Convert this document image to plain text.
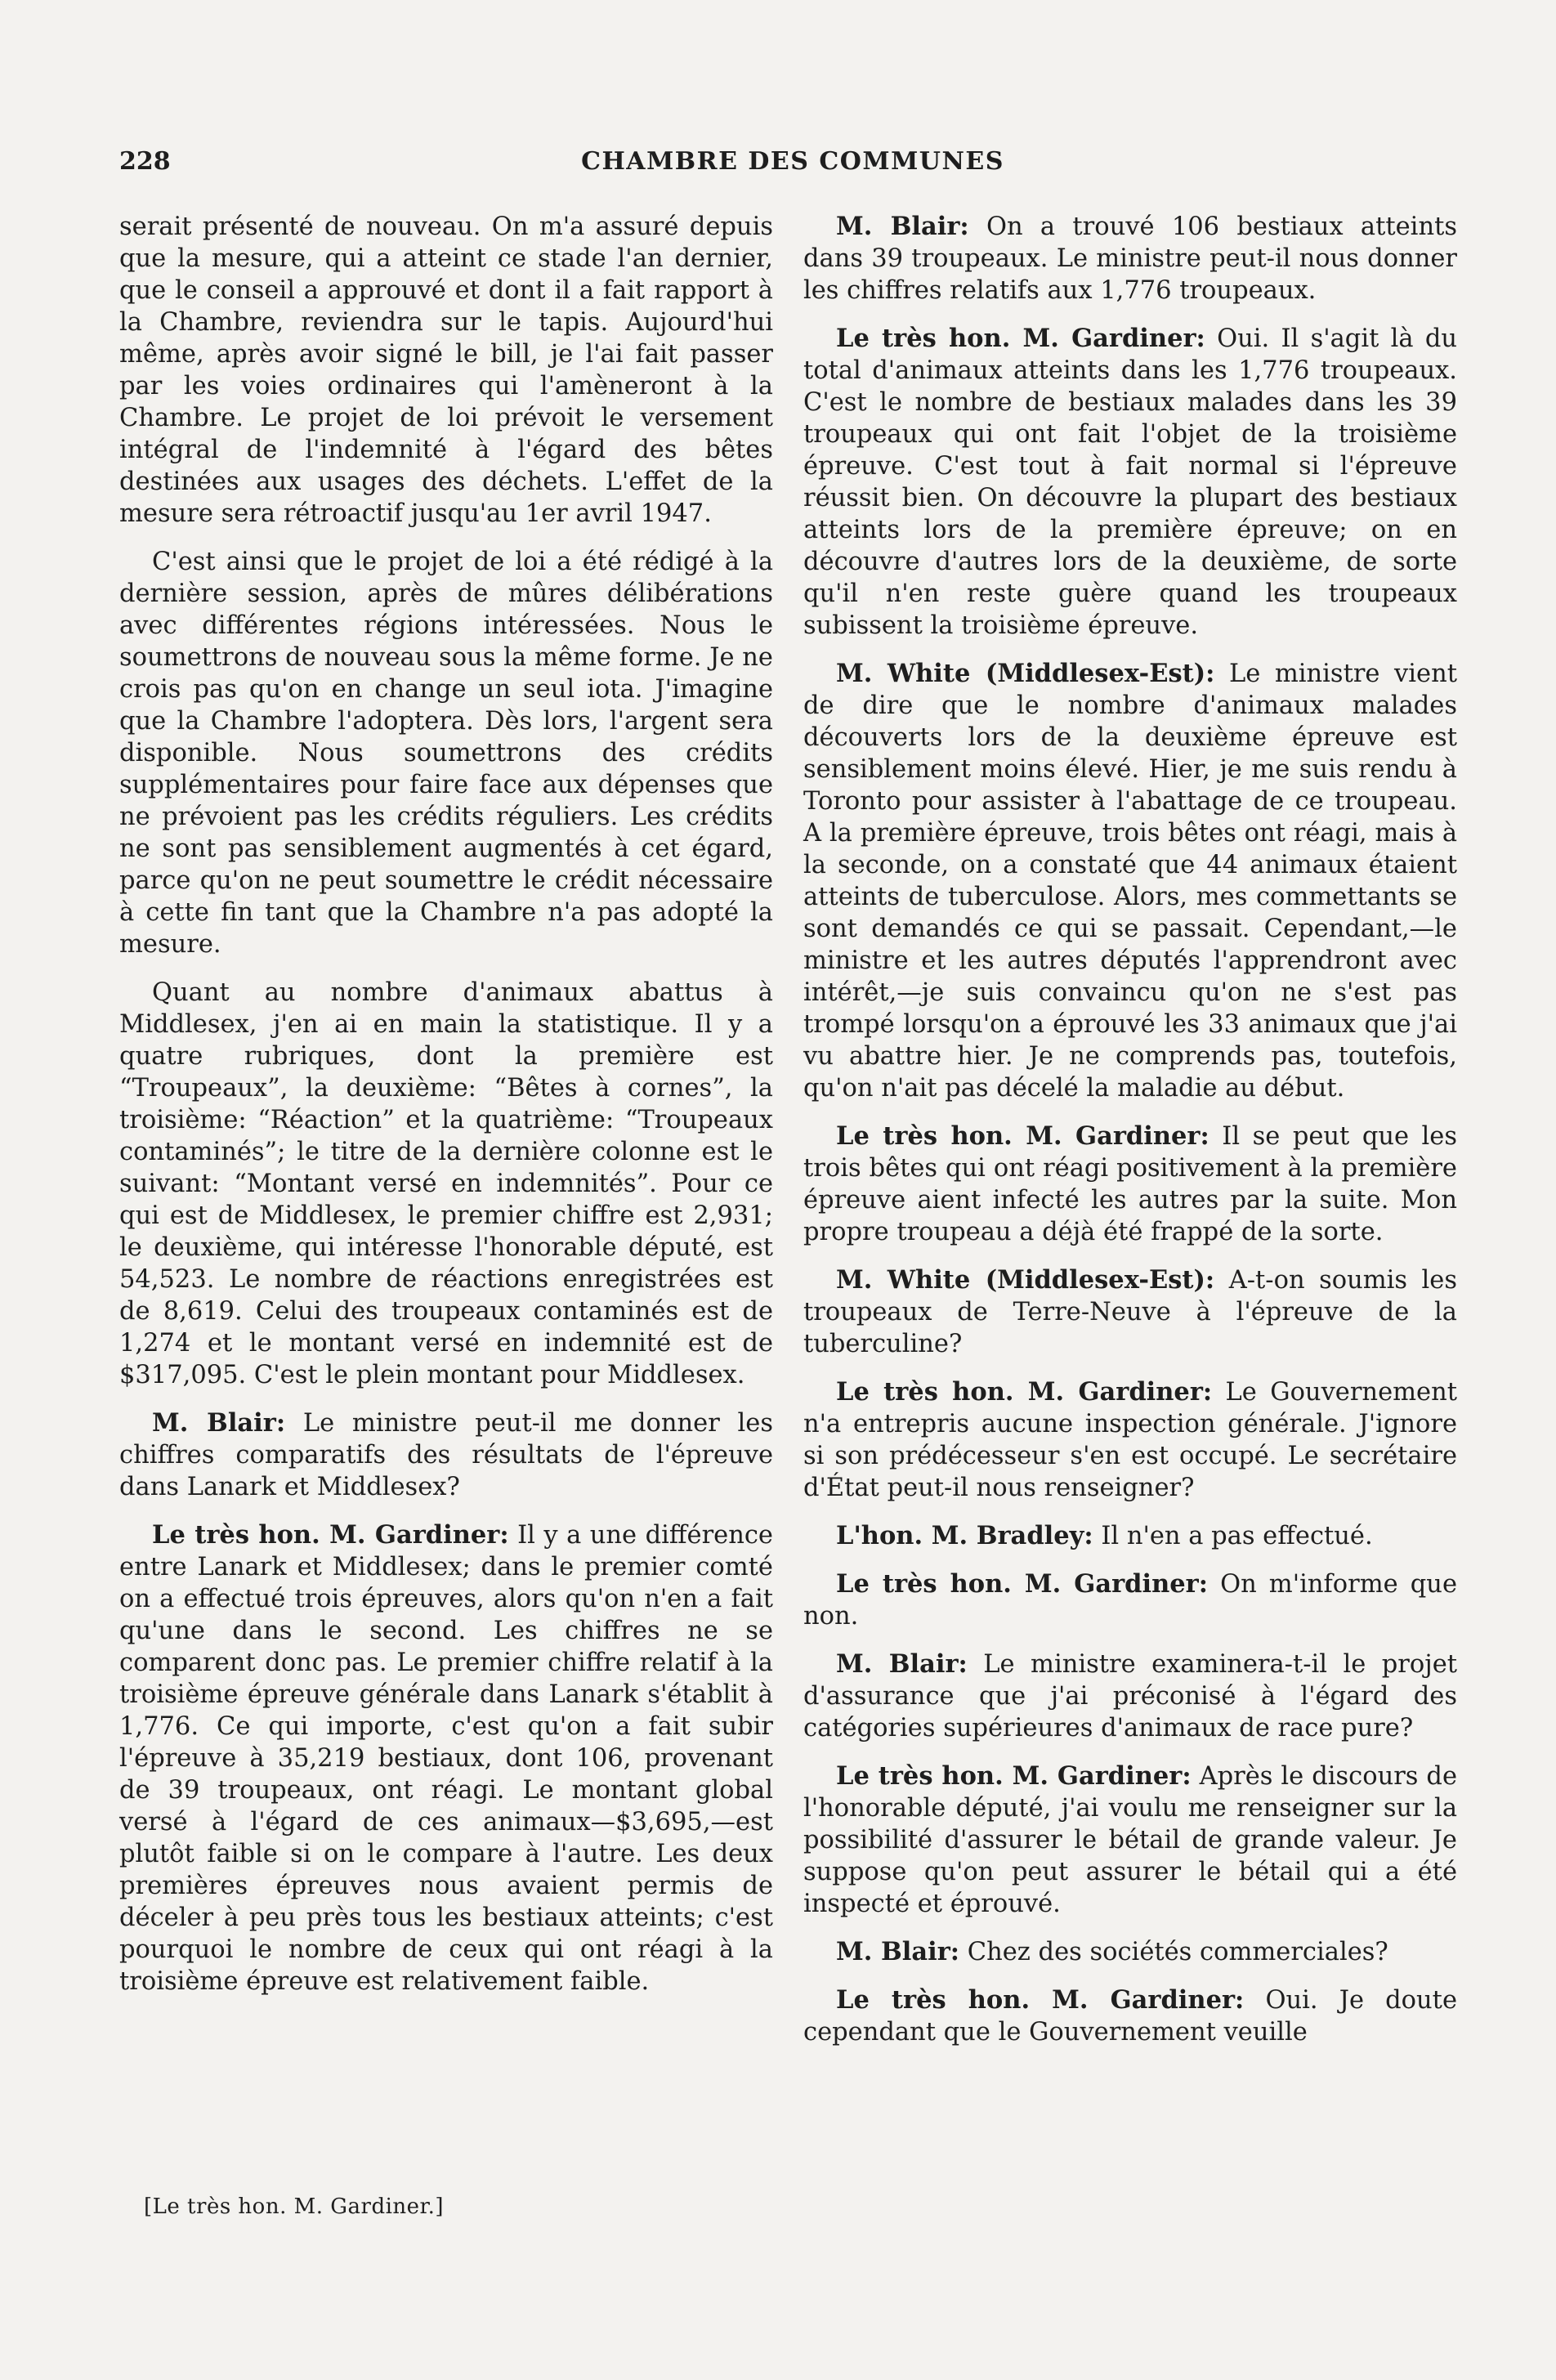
228	CHAMBRE DES COMMUNES

serait présenté de nouveau. On m'a assuré depuis que la mesure, qui a atteint ce stade l'an dernier, que le conseil a approuvé et dont il a fait rapport à la Chambre, reviendra sur le tapis. Aujourd'hui même, après avoir signé le bill, je l'ai fait passer par les voies ordinaires qui l'amèneront à la Chambre. Le projet de loi prévoit le versement intégral de l'indemnité à l'égard des bêtes destinées aux usages des déchets. L'effet de la mesure sera rétroactif jusqu'au 1er avril 1947.

C'est ainsi que le projet de loi a été rédigé à la dernière session, après de mûres délibérations avec différentes régions intéressées. Nous le soumettrons de nouveau sous la même forme. Je ne crois pas qu'on en change un seul iota. J'imagine que la Chambre l'adoptera. Dès lors, l'argent sera disponible. Nous soumettrons des crédits supplémentaires pour faire face aux dépenses que ne prévoient pas les crédits réguliers. Les crédits ne sont pas sensiblement augmentés à cet égard, parce qu'on ne peut soumettre le crédit nécessaire à cette fin tant que la Chambre n'a pas adopté la mesure.

Quant au nombre d'animaux abattus à Middlesex, j'en ai en main la statistique. Il y a quatre rubriques, dont la première est “Troupeaux”, la deuxième: “Bêtes à cornes”, la troisième: “Réaction” et la quatrième: “Troupeaux contaminés”; le titre de la dernière colonne est le suivant: “Montant versé en indemnités”. Pour ce qui est de Middlesex, le premier chiffre est 2,931; le deuxième, qui intéresse l'honorable député, est 54,523. Le nombre de réactions enregistrées est de 8,619. Celui des troupeaux contaminés est de 1,274 et le montant versé en indemnité est de $317,095. C'est le plein montant pour Middlesex.

M. Blair: Le ministre peut-il me donner les chiffres comparatifs des résultats de l'épreuve dans Lanark et Middlesex?

Le très hon. M. Gardiner: Il y a une différence entre Lanark et Middlesex; dans le premier comté on a effectué trois épreuves, alors qu'on n'en a fait qu'une dans le second. Les chiffres ne se comparent donc pas. Le premier chiffre relatif à la troisième épreuve générale dans Lanark s'établit à 1,776. Ce qui importe, c'est qu'on a fait subir l'épreuve à 35,219 bestiaux, dont 106, provenant de 39 troupeaux, ont réagi. Le montant global versé à l'égard de ces animaux—$3,695,—est plutôt faible si on le compare à l'autre. Les deux premières épreuves nous avaient permis de déceler à peu près tous les bestiaux atteints; c'est pourquoi le nombre de ceux qui ont réagi à la troisième épreuve est relativement faible.

M. Blair: On a trouvé 106 bestiaux atteints dans 39 troupeaux. Le ministre peut-il nous donner les chiffres relatifs aux 1,776 troupeaux.

Le très hon. M. Gardiner: Oui. Il s'agit là du total d'animaux atteints dans les 1,776 troupeaux. C'est le nombre de bestiaux malades dans les 39 troupeaux qui ont fait l'objet de la troisième épreuve. C'est tout à fait normal si l'épreuve réussit bien. On découvre la plupart des bestiaux atteints lors de la première épreuve; on en découvre d'autres lors de la deuxième, de sorte qu'il n'en reste guère quand les troupeaux subissent la troisième épreuve.

M. White (Middlesex-Est): Le ministre vient de dire que le nombre d'animaux malades découverts lors de la deuxième épreuve est sensiblement moins élevé. Hier, je me suis rendu à Toronto pour assister à l'abattage de ce troupeau. A la première épreuve, trois bêtes ont réagi, mais à la seconde, on a constaté que 44 animaux étaient atteints de tuberculose. Alors, mes commettants se sont demandés ce qui se passait. Cependant,—le ministre et les autres députés l'apprendront avec intérêt,—je suis convaincu qu'on ne s'est pas trompé lorsqu'on a éprouvé les 33 animaux que j'ai vu abattre hier. Je ne comprends pas, toutefois, qu'on n'ait pas décelé la maladie au début.

Le très hon. M. Gardiner: Il se peut que les trois bêtes qui ont réagi positivement à la première épreuve aient infecté les autres par la suite. Mon propre troupeau a déjà été frappé de la sorte.

M. White (Middlesex-Est): A-t-on soumis les troupeaux de Terre-Neuve à l'épreuve de la tuberculine?

Le très hon. M. Gardiner: Le Gouvernement n'a entrepris aucune inspection générale. J'ignore si son prédécesseur s'en est occupé. Le secrétaire d'État peut-il nous renseigner?

L'hon. M. Bradley: Il n'en a pas effectué.

Le très hon. M. Gardiner: On m'informe que non.

M. Blair: Le ministre examinera-t-il le projet d'assurance que j'ai préconisé à l'égard des catégories supérieures d'animaux de race pure?

Le très hon. M. Gardiner: Après le discours de l'honorable député, j'ai voulu me renseigner sur la possibilité d'assurer le bétail de grande valeur. Je suppose qu'on peut assurer le bétail qui a été inspecté et éprouvé.

M. Blair: Chez des sociétés commerciales?

Le très hon. M. Gardiner: Oui. Je doute cependant que le Gouvernement veuille

[Le très hon. M. Gardiner.]
